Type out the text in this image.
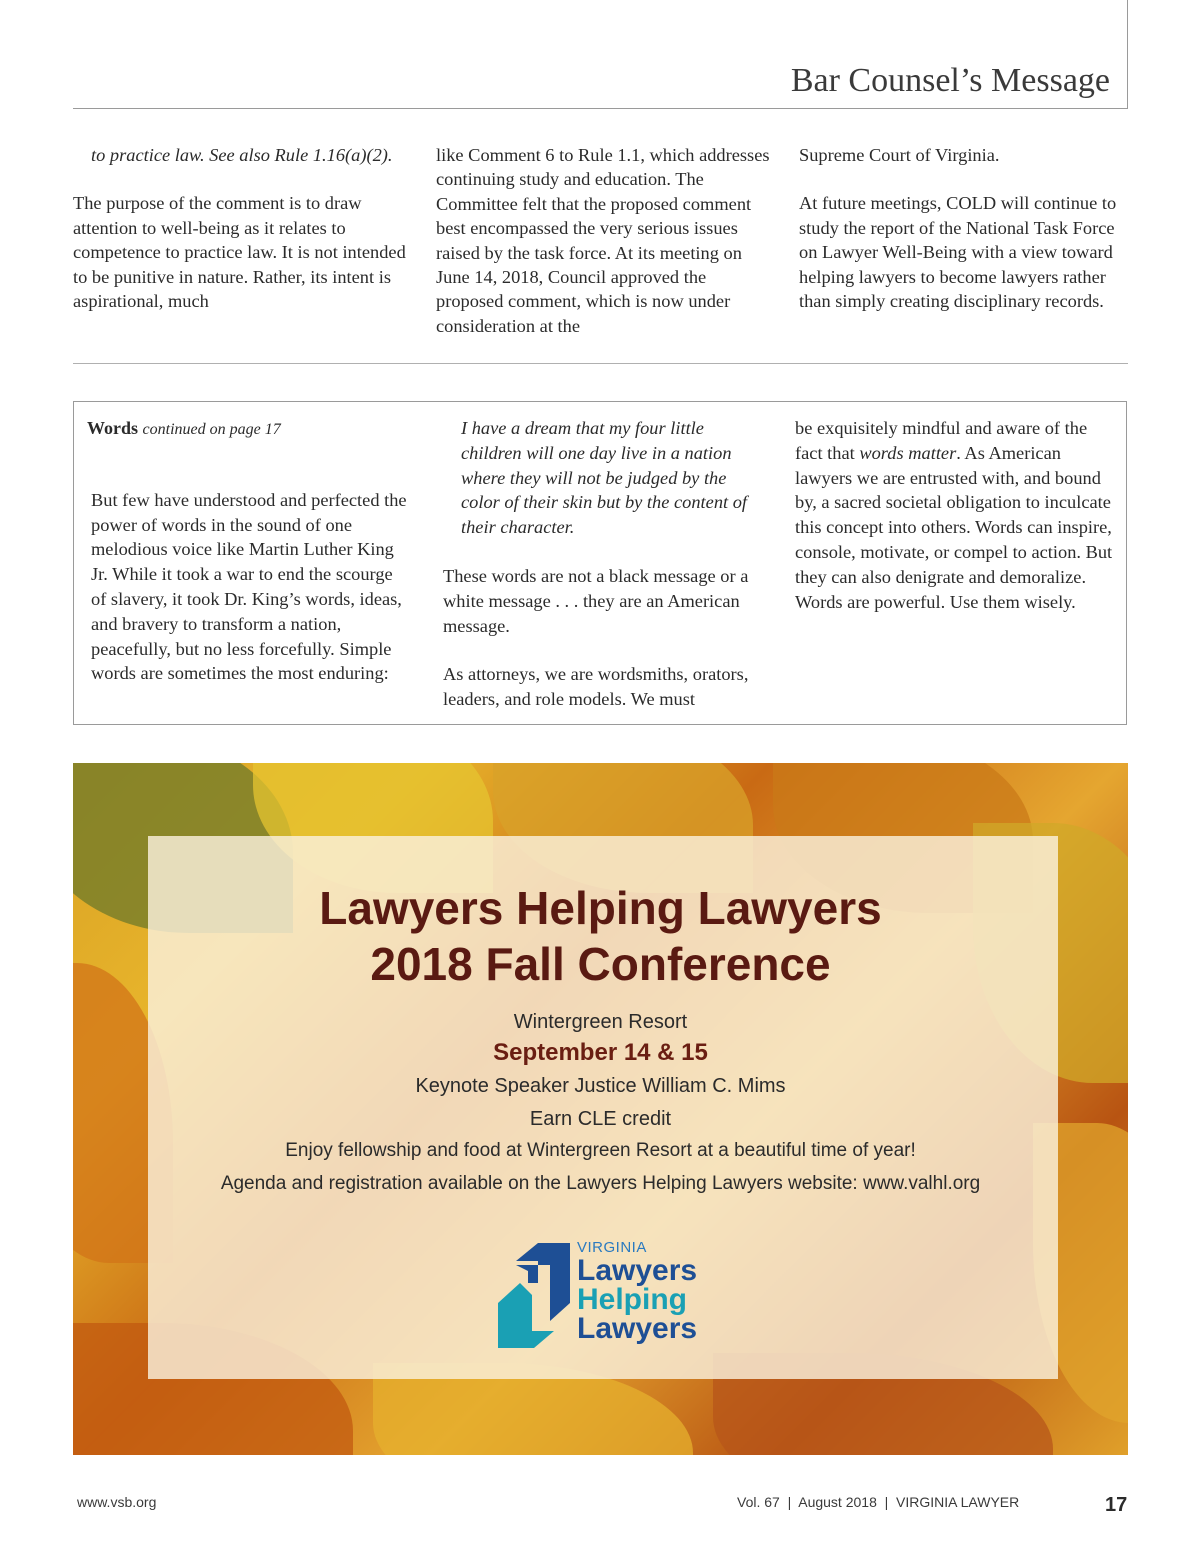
Bar Counsel’s Message

to practice law. See also Rule 1.16(a)(2).

The purpose of the comment is to draw attention to well-being as it relates to competence to practice law. It is not intended to be punitive in nature. Rather, its intent is aspirational, much

like Comment 6 to Rule 1.1, which addresses continuing study and education. The Committee felt that the proposed comment best encompassed the very serious issues raised by the task force. At its meeting on June 14, 2018, Council approved the proposed comment, which is now under consideration at the

Supreme Court of Virginia.

At future meetings, COLD will continue to study the report of the National Task Force on Lawyer Well-Being with a view toward helping lawyers to become lawyers rather than simply creating disciplinary records.

Words continued on page 17

But few have understood and perfected the power of words in the sound of one melodious voice like Martin Luther King Jr. While it took a war to end the scourge of slavery, it took Dr. King’s words, ideas, and bravery to transform a nation, peacefully, but no less forcefully. Simple words are sometimes the most enduring:

I have a dream that my four little children will one day live in a nation where they will not be judged by the color of their skin but by the content of their character.

These words are not a black message or a white message . . . they are an American message.

As attorneys, we are wordsmiths, orators, leaders, and role models. We must

be exquisitely mindful and aware of the fact that words matter. As American lawyers we are entrusted with, and bound by, a sacred societal obligation to inculcate this concept into others. Words can inspire, console, motivate, or compel to action. But they can also denigrate and demoralize. Words are powerful. Use them wisely.

Lawyers Helping Lawyers
2018 Fall Conference
Wintergreen Resort
September 14 & 15
Keynote Speaker Justice William C. Mims
Earn CLE credit
Enjoy fellowship and food at Wintergreen Resort at a beautiful time of year!
Agenda and registration available on the Lawyers Helping Lawyers website: www.valhl.org
VIRGINIA
Lawyers
Helping
Lawyers
www.vsb.org	Vol. 67  |  August 2018  |  VIRGINIA LAWYER	17
